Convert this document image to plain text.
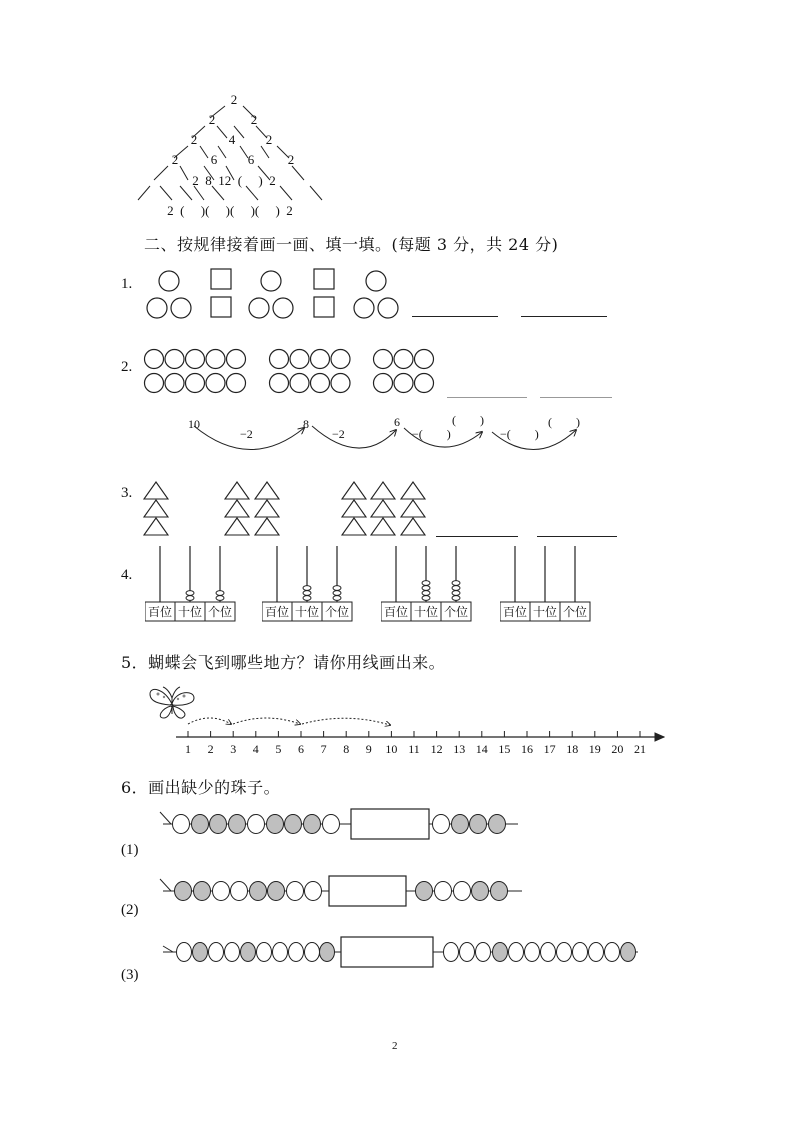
2
2	2
2 4 2
2	6 6	2
2  8  12  (     )  2
2  (     )(     )(     )(     )  2
二、按规律接着画一画、填一填。(每题 3 分，共 24 分)
1.
2.
10	8	6	(　　)	(　　)
−2	−2	−(　　)	−(　　)
3.
4.
百位 十位 个位	百位 十位 个位	百位 十位 个位	百位 十位 个位
5．蝴蝶会飞到哪些地方？请你用线画出来。
1 2 3 4 5 6 7 8 9 10 11 12 13 14 15 16 17 18 19 20 21
6．画出缺少的珠子。
(1)
(2)
(3)
2
